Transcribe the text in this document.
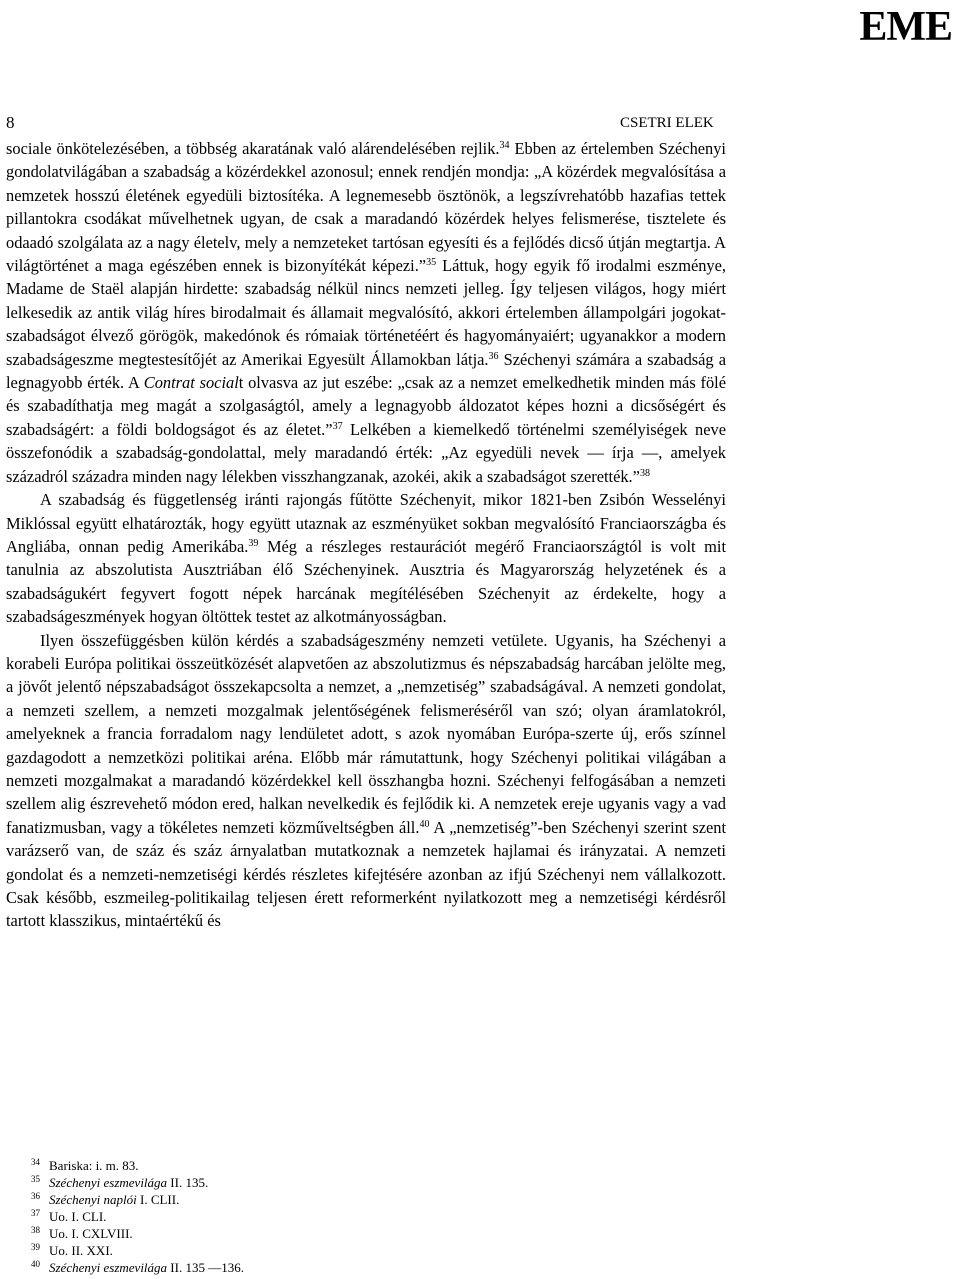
EME
8	CSETRI ELEK

sociale önkötelezésében, a többség akaratának való alárendelésében rejlik.$^{34}$ Ebben az értelemben Széchenyi gondolatvilágában a szabadság a közérdekkel azonosul; ennek rendjén mondja: „A közérdek megvalósítása a nemzetek hosszú életének egyedüli biztosítéka. A legnemesebb ösztönök, a legszívrehatóbb hazafias tettek pillantokra csodákat művelhetnek ugyan, de csak a maradandó közérdek helyes felismerése, tisztelete és odaadó szolgálata az a nagy életelv, mely a nemzeteket tartósan egyesíti és a fejlődés dicső útján megtartja. A világtörténet a maga egészében ennek is bizonyítékát képezi.”$^{35}$ Láttuk, hogy egyik fő irodalmi eszménye, Madame de Staël alapján hirdette: szabadság nélkül nincs nemzeti jelleg. Így teljesen világos, hogy miért lelkesedik az antik világ híres birodalmait és államait megvalósító, akkori értelemben állampolgári jogokat-szabadságot élvező görögök, makedónok és rómaiak történetéért és hagyományaiért; ugyanakkor a modern szabadságeszme megtestesítőjét az Amerikai Egyesült Államokban látja.$^{36}$ Széchenyi számára a szabadság a legnagyobb érték. A Contrat socialt olvasva az jut eszébe: „csak az a nemzet emelkedhetik minden más fölé és szabadíthatja meg magát a szolgaságtól, amely a legnagyobb áldozatot képes hozni a dicsőségért és szabadságért: a földi boldogságot és az életet.”$^{37}$ Lelkében a kiemelkedő történelmi személyiségek neve összefonódik a szabadság-gondolattal, mely maradandó érték: „Az egyedüli nevek — írja —, amelyek századról századra minden nagy lélekben visszhangzanak, azokéi, akik a szabadságot szerették.”$^{38}$

A szabadság és függetlenség iránti rajongás fűtötte Széchenyit, mikor 1821-ben Zsibón Wesselényi Miklóssal együtt elhatározták, hogy együtt utaznak az eszményüket sokban megvalósító Franciaországba és Angliába, onnan pedig Amerikába.$^{39}$ Még a részleges restaurációt megérő Franciaországtól is volt mit tanulnia az abszolutista Ausztriában élő Széchenyinek. Ausztria és Magyarország helyzetének és a szabadságukért fegyvert fogott népek harcának megítélésében Széchenyit az érdekelte, hogy a szabadságeszmények hogyan öltöttek testet az alkotmányosságban.

Ilyen összefüggésben külön kérdés a szabadságeszmény nemzeti vetülete. Ugyanis, ha Széchenyi a korabeli Európa politikai összeütközését alapvetően az abszolutizmus és népszabadság harcában jelölte meg, a jövőt jelentő népszabadságot összekapcsolta a nemzet, a „nemzetiség” szabadságával. A nemzeti gondolat, a nemzeti szellem, a nemzeti mozgalmak jelentőségének felismeréséről van szó; olyan áramlatokról, amelyeknek a francia forradalom nagy lendületet adott, s azok nyomában Európa-szerte új, erős színnel gazdagodott a nemzetközi politikai aréna. Előbb már rámutattunk, hogy Széchenyi politikai világában a nemzeti mozgalmakat a maradandó közérdekkel kell összhangba hozni. Széchenyi felfogásában a nemzeti szellem alig észrevehető módon ered, halkan nevelkedik és fejlődik ki. A nemzetek ereje ugyanis vagy a vad fanatizmusban, vagy a tökéletes nemzeti közműveltségben áll.$^{40}$ A „nemzetiség”-ben Széchenyi szerint szent varázserő van, de száz és száz árnyalatban mutatkoznak a nemzetek hajlamai és irányzatai. A nemzeti gondolat és a nemzeti-nemzetiségi kérdés részletes kifejtésére azonban az ifjú Széchenyi nem vállalkozott. Csak később, eszmeileg-politikailag teljesen érett reformerként nyilatkozott meg a nemzetiségi kérdésről tartott klasszikus, mintaértékű és

$^{34}$ Bariska: i. m. 83.
$^{35}$ Széchenyi eszmevilága II. 135.
$^{36}$ Széchenyi naplói I. CLII.
$^{37}$ Uo. I. CLI.
$^{38}$ Uo. I. CXLVIII.
$^{39}$ Uo. II. XXI.
$^{40}$ Széchenyi eszmevilága II. 135 —136.
